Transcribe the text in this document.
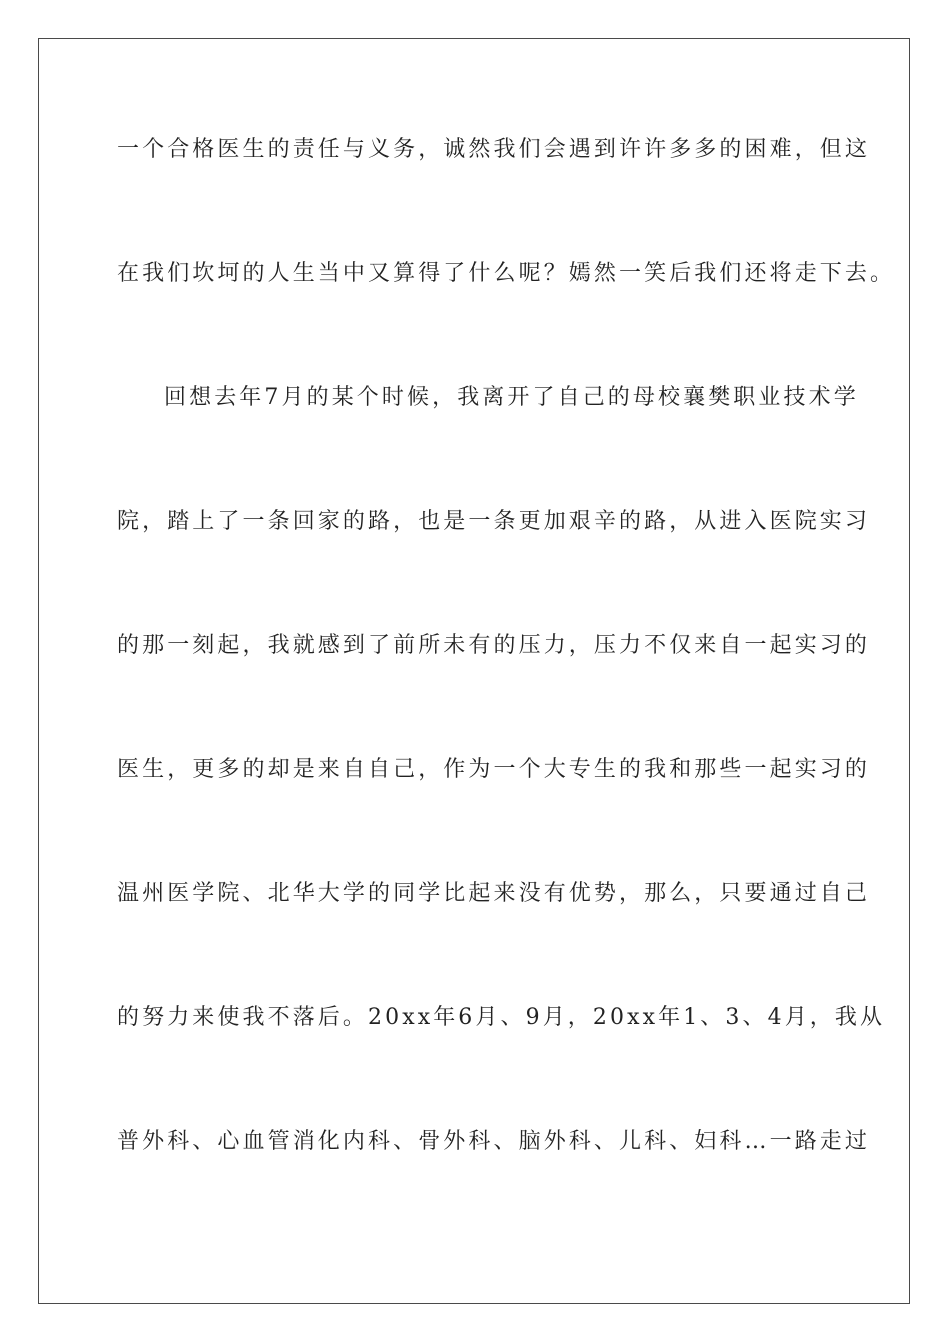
一个合格医生的责任与义务，诚然我们会遇到许许多多的困难，但这
在我们坎坷的人生当中又算得了什么呢？嫣然一笑后我们还将走下去。
回想去年7月的某个时候，我离开了自己的母校襄樊职业技术学
院，踏上了一条回家的路，也是一条更加艰辛的路，从进入医院实习
的那一刻起，我就感到了前所未有的压力，压力不仅来自一起实习的
医生，更多的却是来自自己，作为一个大专生的我和那些一起实习的
温州医学院、北华大学的同学比起来没有优势，那么，只要通过自己
的努力来使我不落后。20xx年6月、9月，20xx年1、3、4月，我从
普外科、心血管消化内科、骨外科、脑外科、儿科、妇科…一路走过
